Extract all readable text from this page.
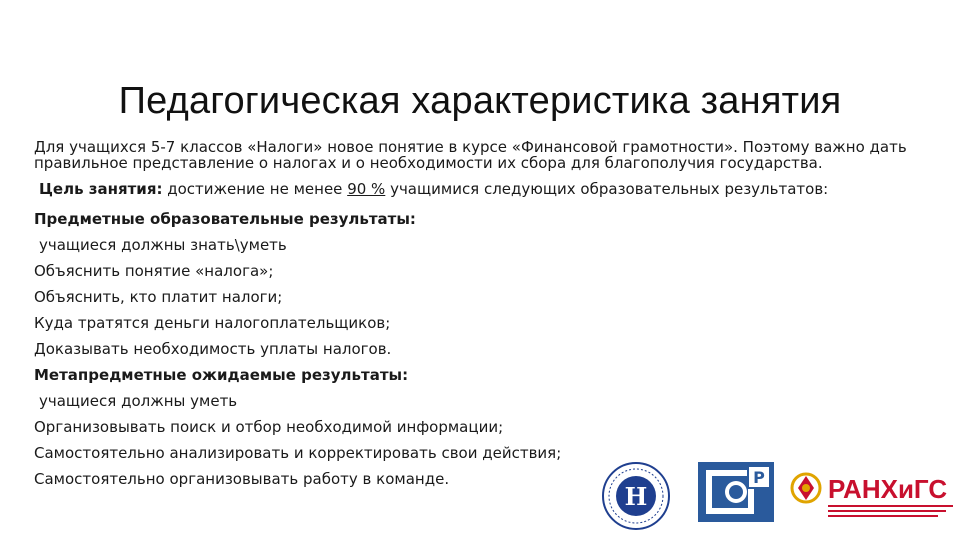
Педагогическая характеристика занятия

Для учащихся 5-7 классов «Налоги» новое понятие в курсе «Финансовой грамотности». Поэтому важно дать правильное представление о налогах и о необходимости их сбора для благополучия государства.

Цель занятия: достижение не менее 90 % учащимися следующих образовательных результатов:

Предметные образовательные результаты:

учащиеся должны знать\уметь

Объяснить понятие «налога»;

Объяснить, кто платит налоги;

Куда тратятся деньги налогоплательщиков;

Доказывать необходимость уплаты налогов.

Метапредметные ожидаемые результаты:

учащиеся должны уметь

Организовывать поиск и отбор необходимой информации;

Самостоятельно анализировать и корректировать свои действия;

Самостоятельно организовывать работу в команде.

Н
Р РАНХиГС
